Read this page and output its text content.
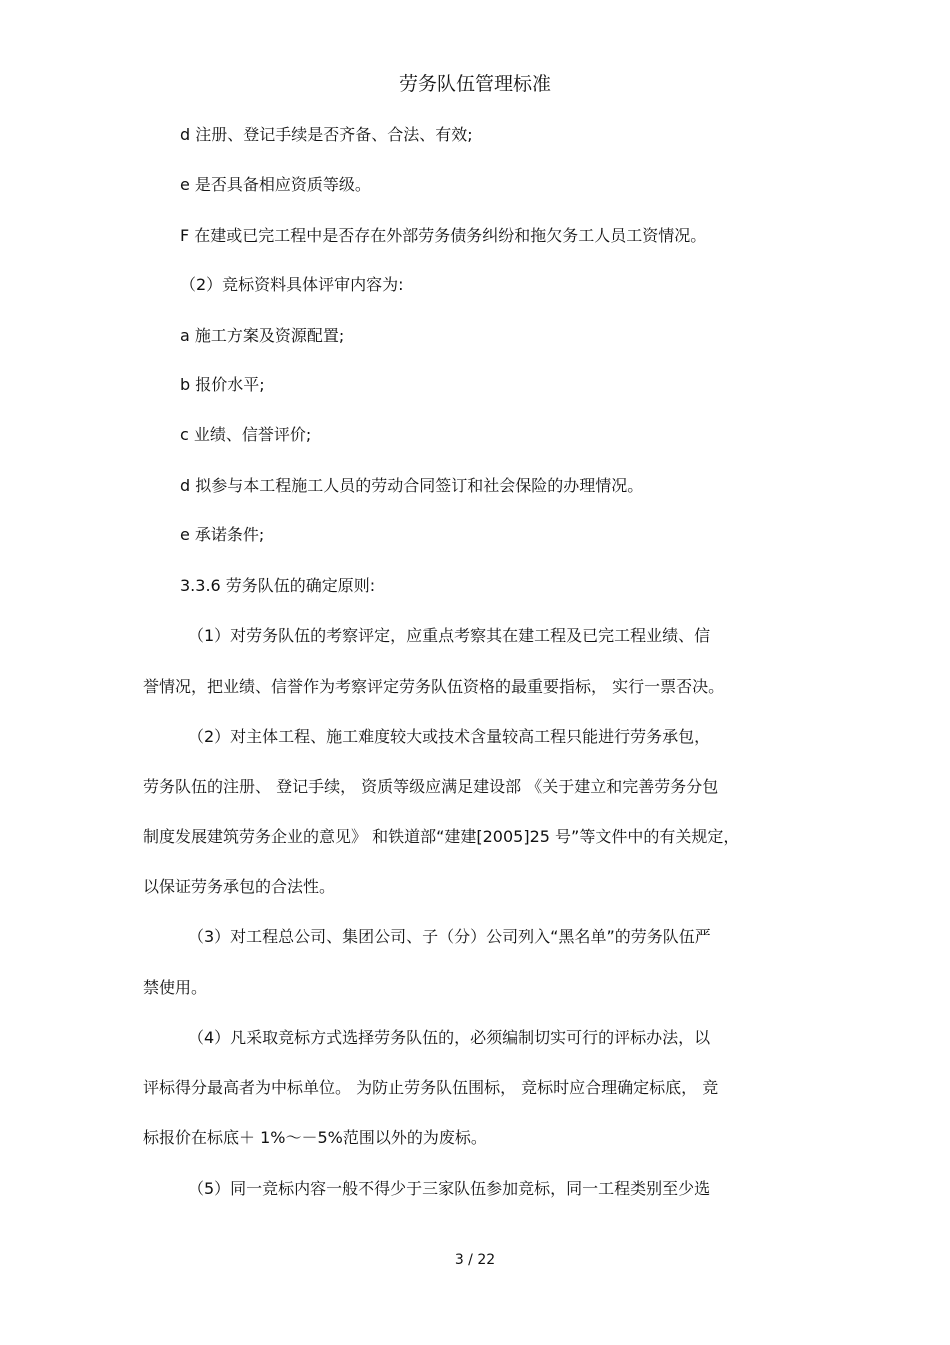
劳务队伍管理标准
d 注册、登记手续是否齐备、合法、有效;
e 是否具备相应资质等级。
F 在建或已完工程中是否存在外部劳务债务纠纷和拖欠务工人员工资情况。
（2）竞标资料具体评审内容为:
a 施工方案及资源配置;
b 报价水平;
c 业绩、信誉评价;
d 拟参与本工程施工人员的劳动合同签订和社会保险的办理情况。
e 承诺条件;
3.3.6 劳务队伍的确定原则:
（1）对劳务队伍的考察评定，应重点考察其在建工程及已完工程业绩、信
誉情况，把业绩、信誉作为考察评定劳务队伍资格的最重要指标， 实行一票否决。
（2）对主体工程、施工难度较大或技术含量较高工程只能进行劳务承包，
劳务队伍的注册、 登记手续， 资质等级应满足建设部 《关于建立和完善劳务分包
制度发展建筑劳务企业的意见》 和铁道部“建建[2005]25 号”等文件中的有关规定，
以保证劳务承包的合法性。
（3）对工程总公司、集团公司、子（分）公司列入“黑名单”的劳务队伍严
禁使用。
（4）凡采取竞标方式选择劳务队伍的，必须编制切实可行的评标办法，以
评标得分最高者为中标单位。 为防止劳务队伍围标， 竞标时应合理确定标底， 竞
标报价在标底＋ 1%～－5%范围以外的为废标。
（5）同一竞标内容一般不得少于三家队伍参加竞标，同一工程类别至少选
3 / 22
